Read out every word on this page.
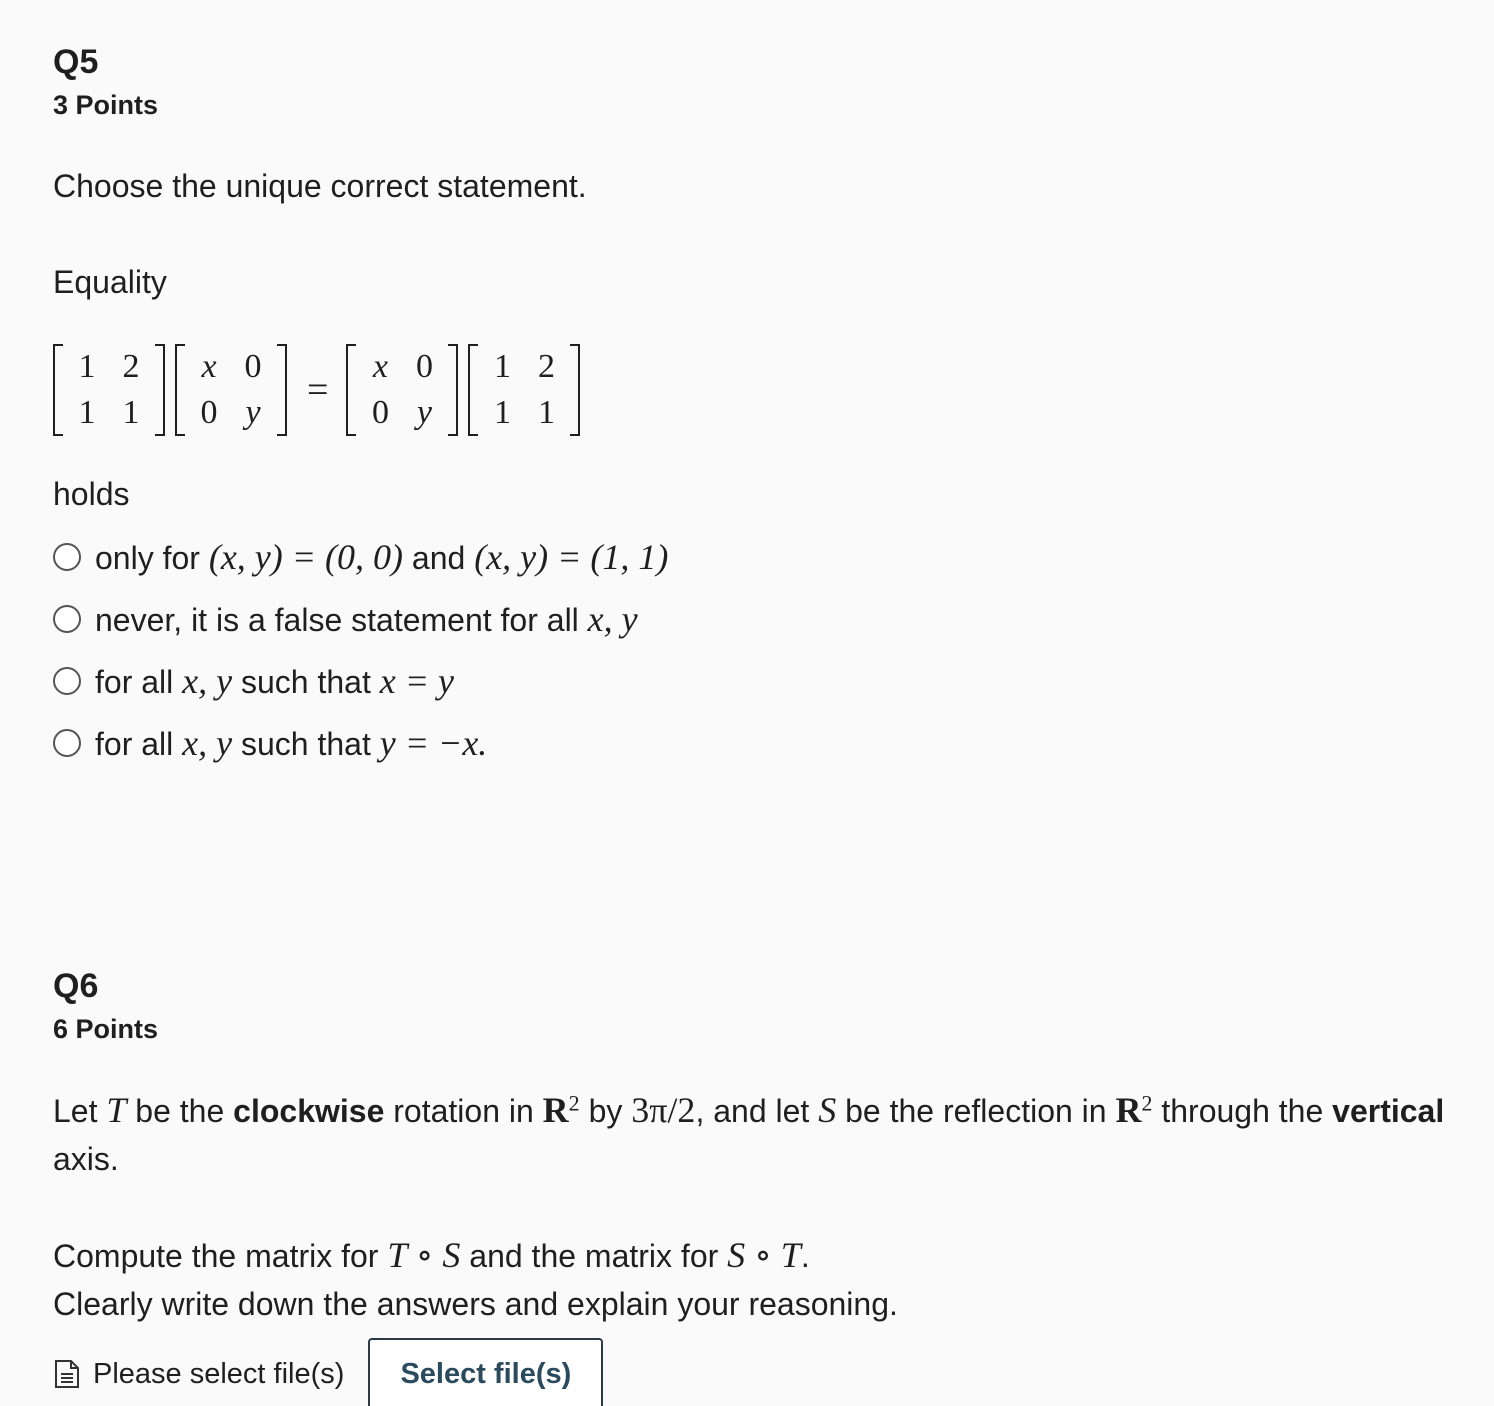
Q5
3 Points
Choose the unique correct statement.
Equality
1 2
1 1
x 0
0 y
=
x 0
0 y
1 2
1 1
holds
only for (x, y) = (0, 0) and (x, y) = (1, 1)
never, it is a false statement for all x, y
for all x, y such that x = y
for all x, y such that y = −x.
Q6
6 Points
Let T be the clockwise rotation in $R^2$ by 3π/2, and let S be the reflection in $R^2$ through the vertical axis.
Compute the matrix for T ∘ S and the matrix for S ∘ T.
Clearly write down the answers and explain your reasoning.
Please select file(s)	Select file(s)
